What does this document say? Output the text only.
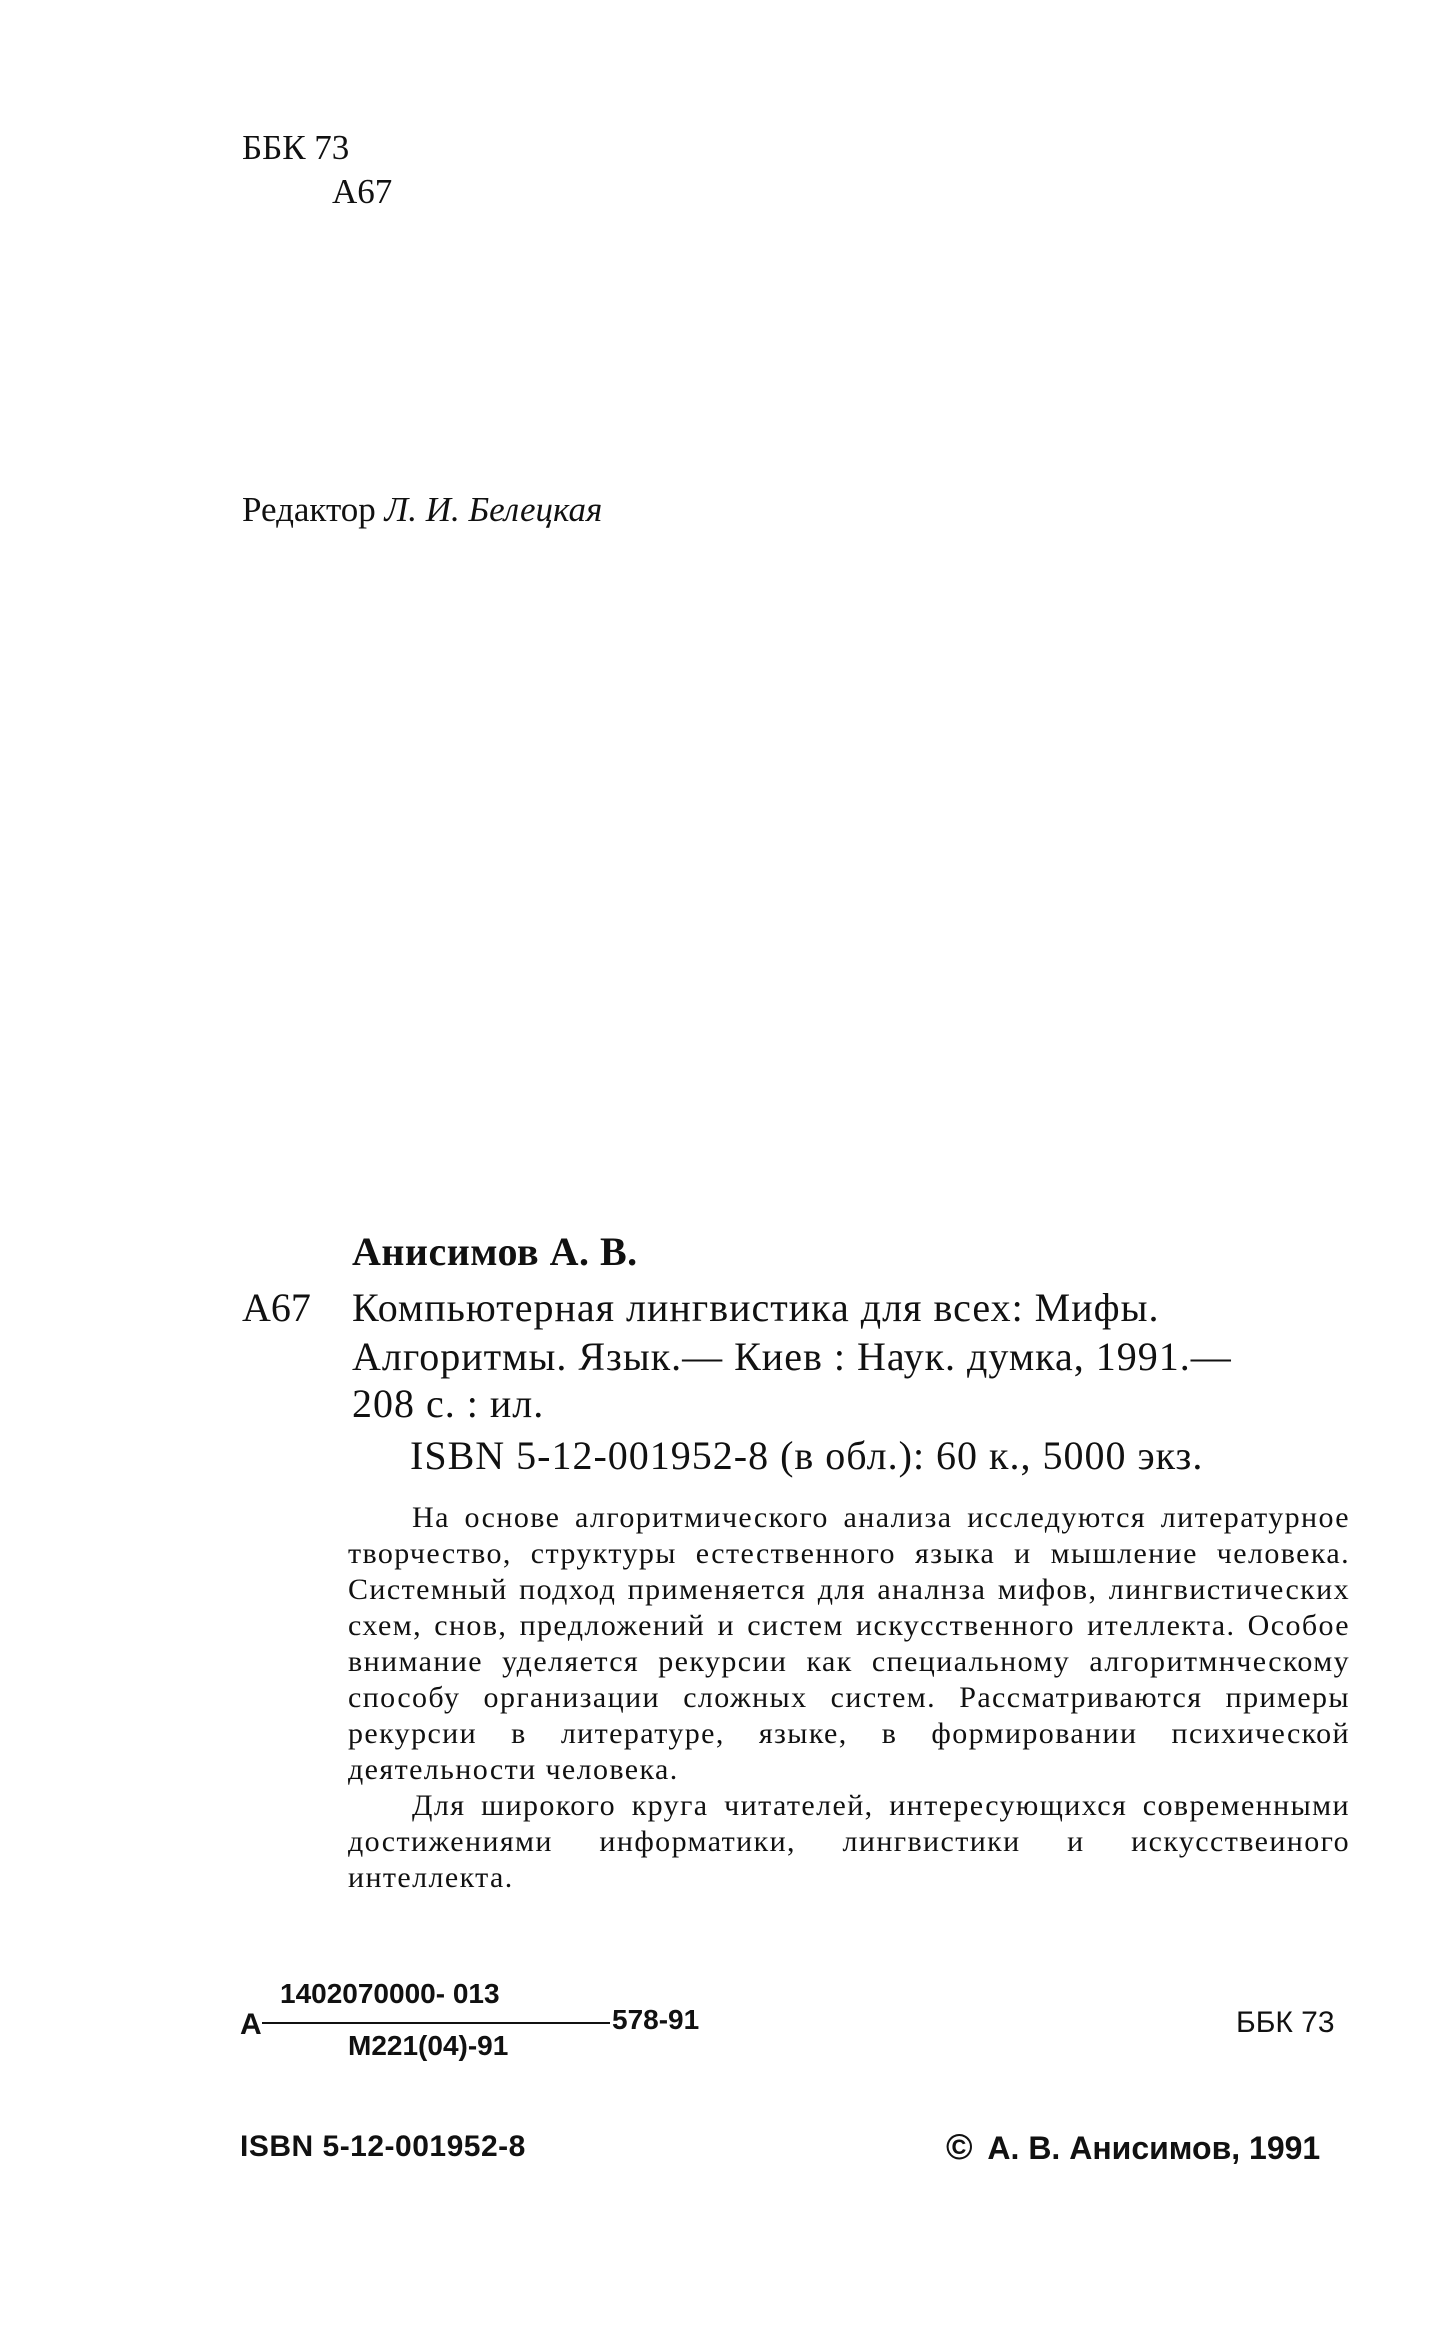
ББК 73
А67
Редактор Л. И. Белецкая
Анисимов А. В.
А67 Компьютерная лингвистика для всех: Мифы.
Алгоритмы. Язык.— Киев : Наук. думка, 1991.—
208 с. : ил.
ISBN 5-12-001952-8 (в обл.): 60 к., 5000 экз.

На основе алгоритмического анализа исследуются литературное творчество, структуры естественного языка и мышление человека. Системный подход применяется для аналнза мифов, лингвистических схем, снов, предложений и систем искусственного ителлекта. Особое внимание уделяется рекурсии как специальному алгоритмнческому способу организации сложных систем. Рассматриваются примеры рекурсии в литературе, языке, в формировании психической деятельности человека.

Для широкого круга читателей, интересующихся современными достижениями информатики, лингвистики и искусствеиного интеллекта.

А
1402070000- 013
М221(04)-91
578-91	ББК 73
ISBN 5-12-001952-8	© А. В. Анисимов, 1991
